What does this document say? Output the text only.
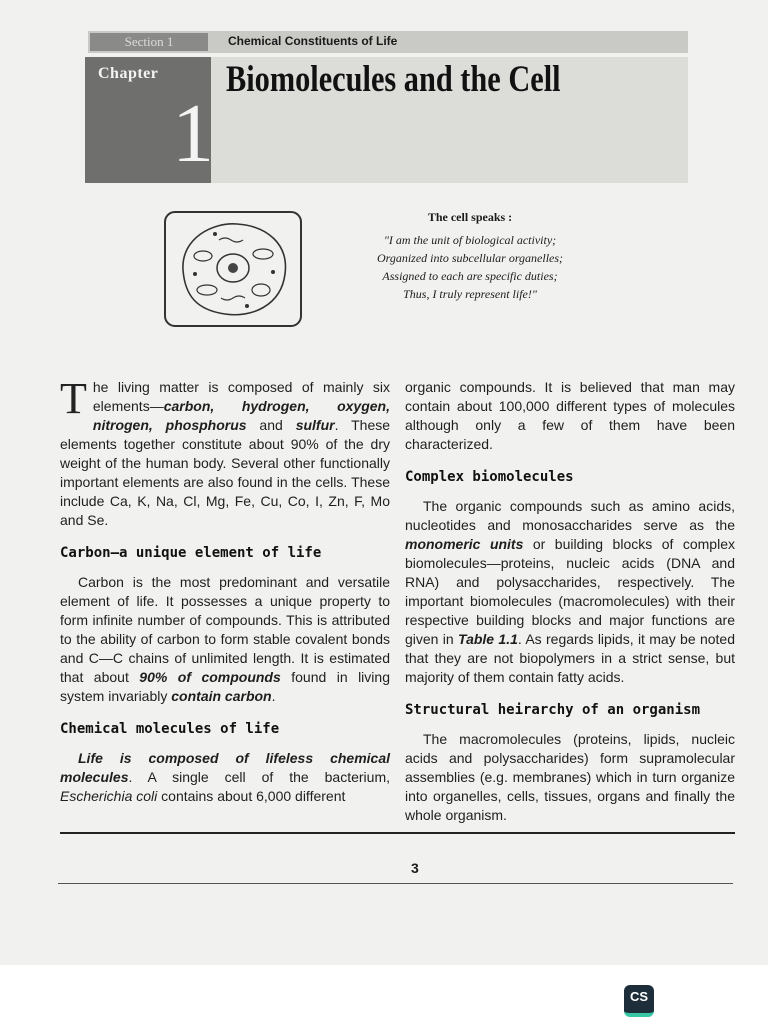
Section 1	Chemical Constituents of Life
Chapter
1
Biomolecules and the Cell
The cell speaks :
"I am the unit of biological activity;
Organized into subcellular organelles;
Assigned to each are specific duties;
Thus, I truly represent life!"

The living matter is composed of mainly six elements—carbon, hydrogen, oxygen, nitrogen, phosphorus and sulfur. These elements together constitute about 90% of the dry weight of the human body. Several other functionally important elements are also found in the cells. These include Ca, K, Na, Cl, Mg, Fe, Cu, Co, I, Zn, F, Mo and Se.

Carbon—a unique element of life

Carbon is the most predominant and versatile element of life. It possesses a unique property to form infinite number of compounds. This is attributed to the ability of carbon to form stable covalent bonds and C—C chains of unlimited length. It is estimated that about 90% of compounds found in living system invariably contain carbon.

Chemical molecules of life

Life is composed of lifeless chemical molecules. A single cell of the bacterium, Escherichia coli contains about 6,000 different

organic compounds. It is believed that man may contain about 100,000 different types of molecules although only a few of them have been characterized.

Complex biomolecules

The organic compounds such as amino acids, nucleotides and monosaccharides serve as the monomeric units or building blocks of complex biomolecules—proteins, nucleic acids (DNA and RNA) and polysaccharides, respectively. The important biomolecules (macromolecules) with their respective building blocks and major functions are given in Table 1.1. As regards lipids, it may be noted that they are not biopolymers in a strict sense, but majority of them contain fatty acids.

Structural heirarchy of an organism

The macromolecules (proteins, lipids, nucleic acids and polysaccharides) form supramolecular assemblies (e.g. membranes) which in turn organize into organelles, cells, tissues, organs and finally the whole organism.

3
CS
